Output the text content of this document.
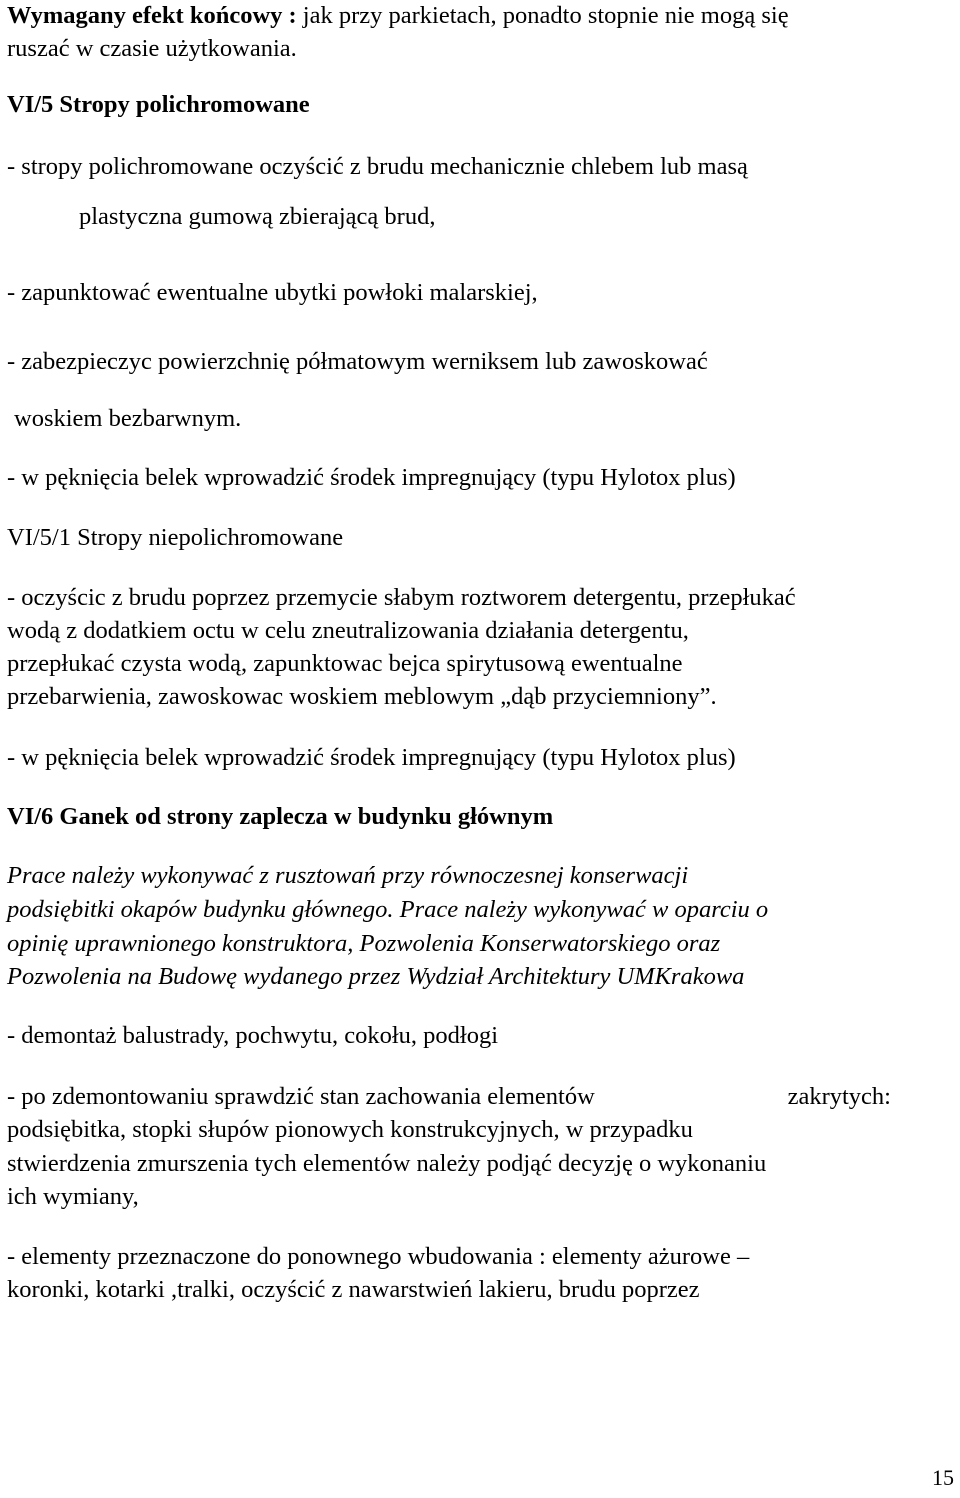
Wymagany efekt końcowy : jak przy parkietach, ponadto stopnie nie mogą się
ruszać w czasie użytkowania.
VI/5 Stropy polichromowane
- stropy polichromowane oczyścić z brudu mechanicznie chlebem lub masą
plastyczna gumową zbierającą brud,
- zapunktować ewentualne ubytki powłoki malarskiej,
- zabezpieczyc powierzchnię półmatowym werniksem lub zawoskować
woskiem bezbarwnym.
- w pęknięcia belek wprowadzić środek impregnujący (typu Hylotox plus)
VI/5/1 Stropy niepolichromowane
- oczyścic z brudu poprzez przemycie słabym roztworem detergentu, przepłukać
wodą z dodatkiem octu w celu zneutralizowania działania detergentu,
przepłukać czysta wodą, zapunktowac bejca spirytusową ewentualne
przebarwienia, zawoskowac woskiem meblowym „dąb przyciemniony”.
- w pęknięcia belek wprowadzić środek impregnujący (typu Hylotox plus)
VI/6 Ganek od strony zaplecza w budynku głównym
Prace należy wykonywać z rusztowań przy równoczesnej konserwacji
podsiębitki okapów budynku głównego. Prace należy wykonywać w oparciu o
opinię uprawnionego konstruktora, Pozwolenia Konserwatorskiego oraz
Pozwolenia na Budowę wydanego przez Wydział Architektury UMKrakowa
- demontaż balustrady, pochwytu, cokołu, podłogi
- po zdemontowaniu sprawdzić stan zachowania elementów	zakrytych:
podsiębitka, stopki słupów pionowych konstrukcyjnych, w przypadku
stwierdzenia zmurszenia tych elementów należy podjąć decyzję o wykonaniu
ich wymiany,
- elementy przeznaczone do ponownego wbudowania : elementy ażurowe –
koronki, kotarki ,tralki, oczyścić z nawarstwień lakieru, brudu poprzez
15
